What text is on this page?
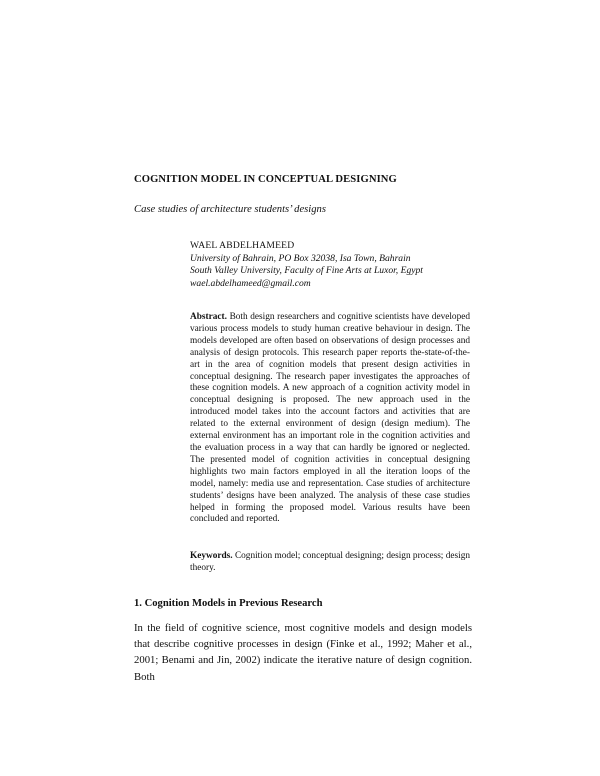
COGNITION MODEL IN CONCEPTUAL DESIGNING
Case studies of architecture students’ designs
WAEL ABDELHAMEED
University of Bahrain, PO Box 32038, Isa Town, Bahrain
South Valley University, Faculty of Fine Arts at Luxor, Egypt
wael.abdelhameed@gmail.com
Abstract. Both design researchers and cognitive scientists have developed various process models to study human creative behaviour in design. The models developed are often based on observations of design processes and analysis of design protocols. This research paper reports the-state-of-the-art in the area of cognition models that present design activities in conceptual designing. The research paper investigates the approaches of these cognition models. A new approach of a cognition activity model in conceptual designing is proposed. The new approach used in the introduced model takes into the account factors and activities that are related to the external environment of design (design medium). The external environment has an important role in the cognition activities and the evaluation process in a way that can hardly be ignored or neglected. The presented model of cognition activities in conceptual designing highlights two main factors employed in all the iteration loops of the model, namely: media use and representation. Case studies of architecture students’ designs have been analyzed. The analysis of these case studies helped in forming the proposed model. Various results have been concluded and reported.
Keywords. Cognition model; conceptual designing; design process; design theory.
1. Cognition Models in Previous Research
In the field of cognitive science, most cognitive models and design models that describe cognitive processes in design (Finke et al., 1992; Maher et al., 2001; Benami and Jin, 2002) indicate the iterative nature of design cognition. Both
